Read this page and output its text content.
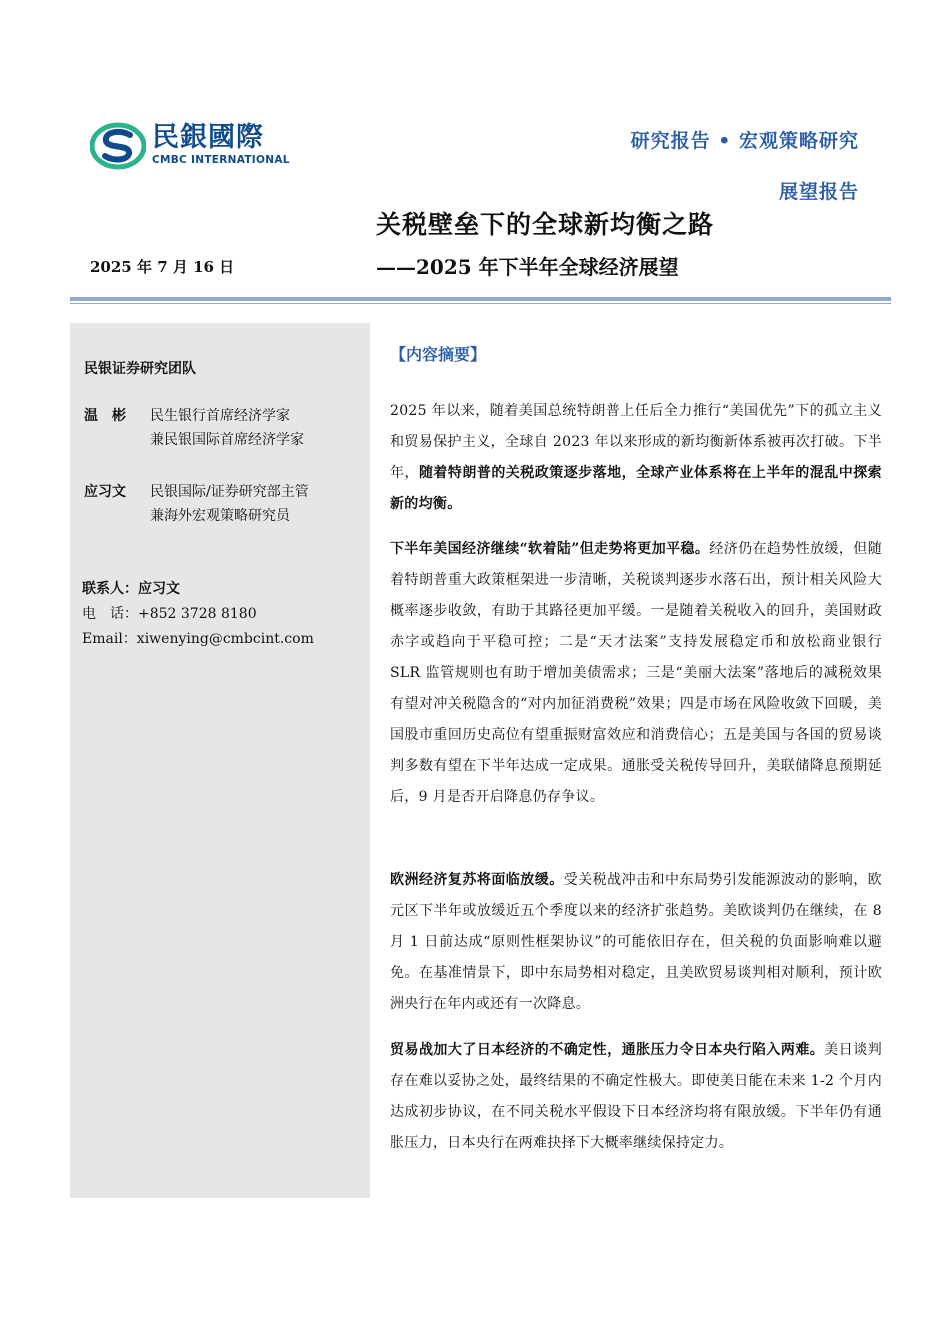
民銀國際
CMBC INTERNATIONAL
研究报告 • 宏观策略研究
展望报告
关税壁垒下的全球新均衡之路
2025 年 7 月 16 日	——2025 年下半年全球经济展望
民银证券研究团队
温　彬	民生银行首席经济学家
兼民银国际首席经济学家
应习文	民银国际/证券研究部主管
兼海外宏观策略研究员
联系人：应习文
电　话：+852 3728 8180
Email：xiwenying@cmbcint.com
【内容摘要】
2025 年以来，随着美国总统特朗普上任后全力推行“美国优先”下的孤立主义和贸易保护主义，全球自 2023 年以来形成的新均衡新体系被再次打破。下半年，随着特朗普的关税政策逐步落地，全球产业体系将在上半年的混乱中探索新的均衡。
下半年美国经济继续“软着陆”但走势将更加平稳。经济仍在趋势性放缓，但随着特朗普重大政策框架进一步清晰，关税谈判逐步水落石出，预计相关风险大概率逐步收敛，有助于其路径更加平缓。一是随着关税收入的回升，美国财政赤字或趋向于平稳可控；二是“天才法案”支持发展稳定币和放松商业银行 SLR 监管规则也有助于增加美债需求；三是“美丽大法案”落地后的减税效果有望对冲关税隐含的“对内加征消费税”效果；四是市场在风险收敛下回暖，美国股市重回历史高位有望重振财富效应和消费信心；五是美国与各国的贸易谈判多数有望在下半年达成一定成果。通胀受关税传导回升，美联储降息预期延后，9 月是否开启降息仍存争议。
欧洲经济复苏将面临放缓。受关税战冲击和中东局势引发能源波动的影响，欧元区下半年或放缓近五个季度以来的经济扩张趋势。美欧谈判仍在继续，在 8 月 1 日前达成“原则性框架协议”的可能依旧存在，但关税的负面影响难以避免。在基准情景下，即中东局势相对稳定，且美欧贸易谈判相对顺利，预计欧洲央行在年内或还有一次降息。
贸易战加大了日本经济的不确定性，通胀压力令日本央行陷入两难。美日谈判存在难以妥协之处，最终结果的不确定性极大。即使美日能在未来 1-2 个月内达成初步协议，在不同关税水平假设下日本经济均将有限放缓。下半年仍有通胀压力，日本央行在两难抉择下大概率继续保持定力。
